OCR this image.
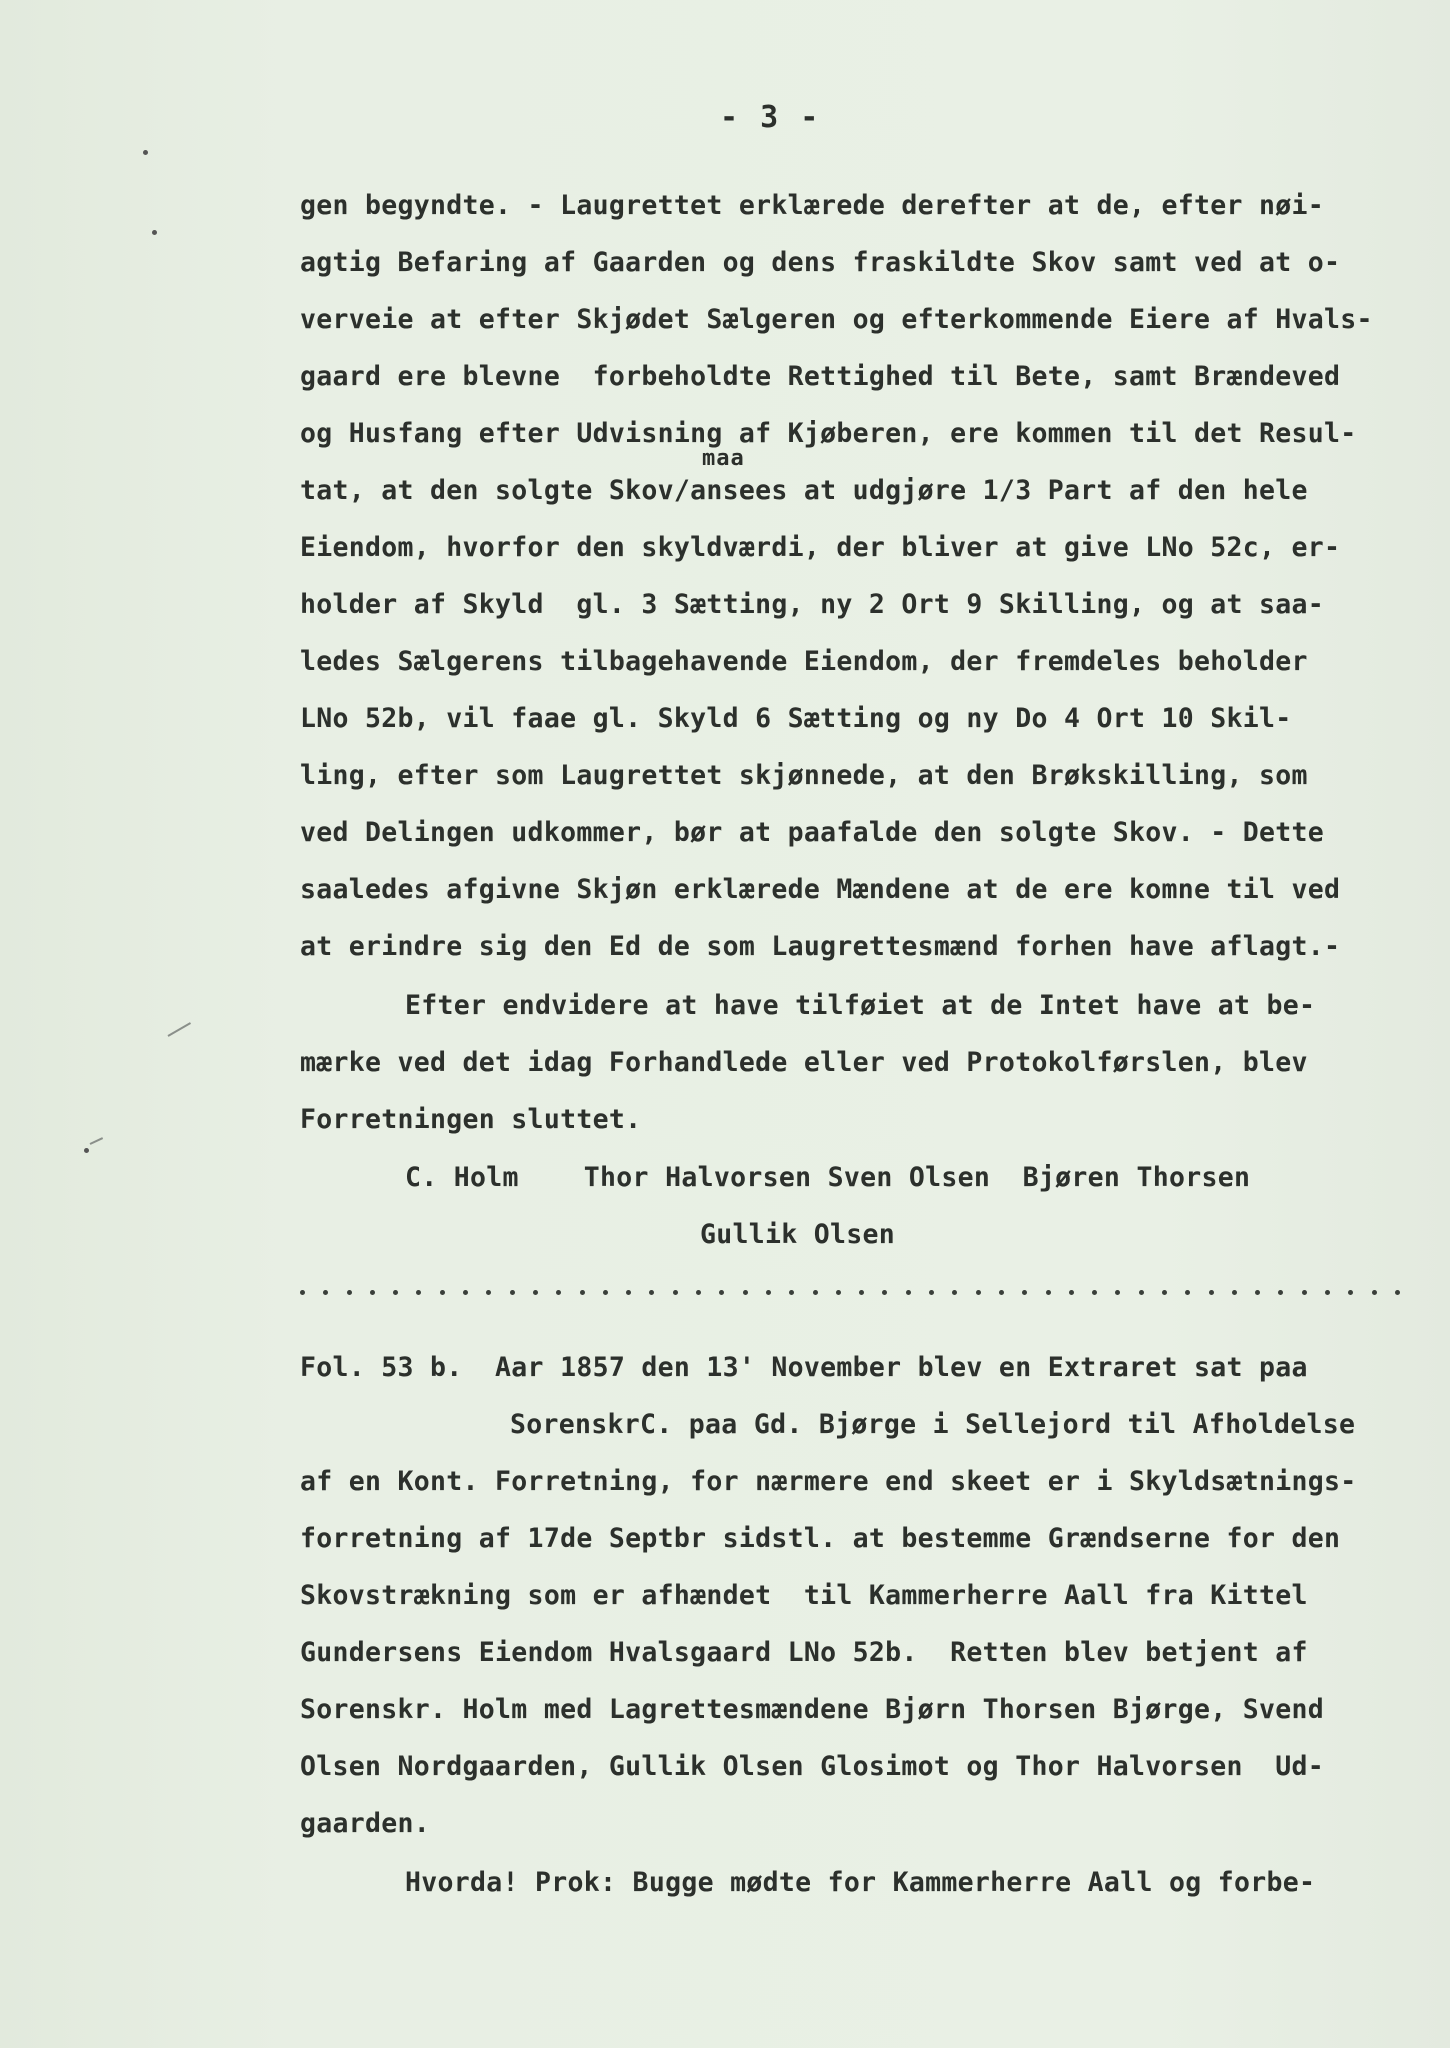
- 3 -
gen begyndte. - Laugrettet erklærede derefter at de, efter nøi-
agtig Befaring af Gaarden og dens fraskildte Skov samt ved at o-
verveie at efter Skjødet Sælgeren og efterkommende Eiere af Hvals-
gaard ere blevne  forbeholdte Rettighed til Bete, samt Brændeved
og Husfang efter Udvisning af Kjøberen, ere kommen til det Resul-
maa
tat, at den solgte Skov/ansees at udgjøre 1/3 Part af den hele
Eiendom, hvorfor den skyldværdi, der bliver at give LNo 52c, er-
holder af Skyld  gl. 3 Sætting, ny 2 Ort 9 Skilling, og at saa-
ledes Sælgerens tilbagehavende Eiendom, der fremdeles beholder
LNo 52b, vil faae gl. Skyld 6 Sætting og ny Do 4 Ort 10 Skil-
ling, efter som Laugrettet skjønnede, at den Brøkskilling, som
ved Delingen udkommer, bør at paafalde den solgte Skov. - Dette
saaledes afgivne Skjøn erklærede Mændene at de ere komne til ved
at erindre sig den Ed de som Laugrettesmænd forhen have aflagt.-
Efter endvidere at have tilføiet at de Intet have at be-
mærke ved det idag Forhandlede eller ved Protokolførslen, blev
Forretningen sluttet.
C. Holm    Thor Halvorsen Sven Olsen  Bjøren Thorsen
Gullik Olsen
Fol. 53 b.  Aar 1857 den 13' November blev en Extraret sat paa
SorenskrC. paa Gd. Bjørge i Sellejord til Afholdelse
af en Kont. Forretning, for nærmere end skeet er i Skyldsætnings-
forretning af 17de Septbr sidstl. at bestemme Grændserne for den
Skovstrækning som er afhændet  til Kammerherre Aall fra Kittel
Gundersens Eiendom Hvalsgaard LNo 52b.  Retten blev betjent af
Sorenskr. Holm med Lagrettesmændene Bjørn Thorsen Bjørge, Svend
Olsen Nordgaarden, Gullik Olsen Glosimot og Thor Halvorsen  Ud-
gaarden.
Hvorda! Prok: Bugge mødte for Kammerherre Aall og forbe-
